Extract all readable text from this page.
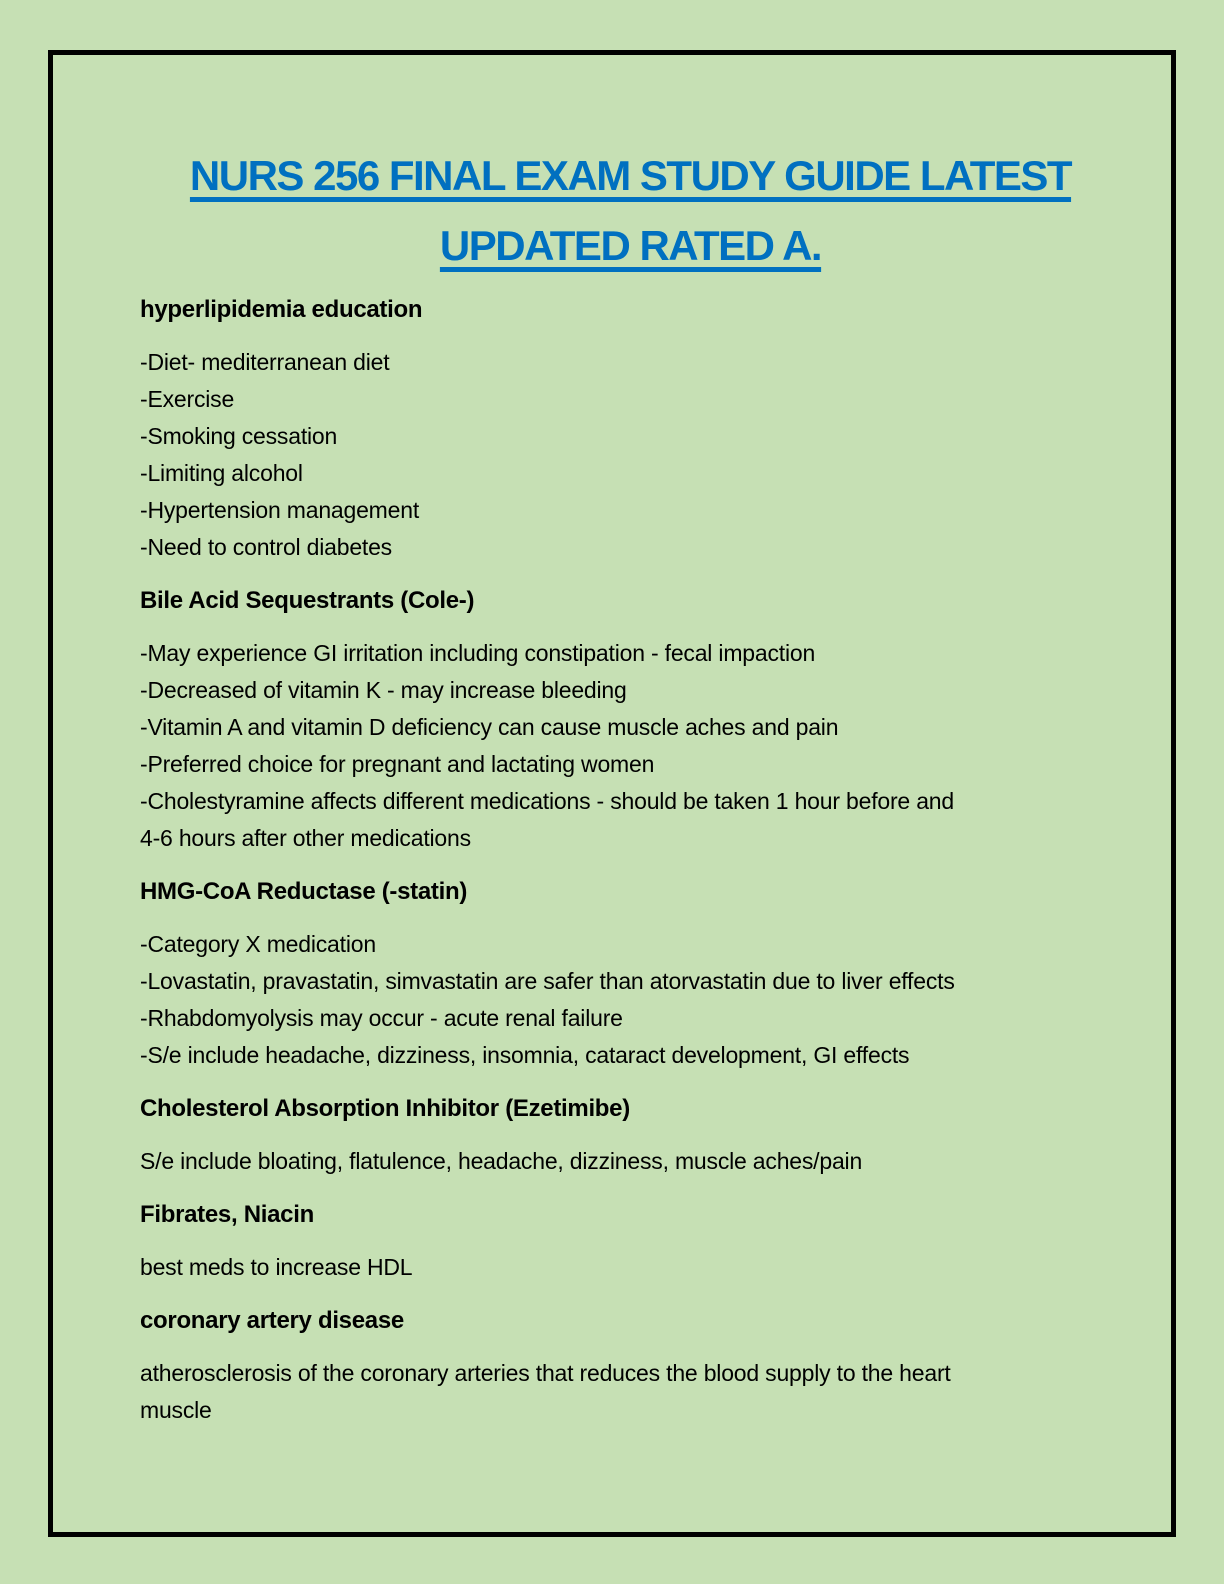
NURS 256 FINAL EXAM STUDY GUIDE LATEST
UPDATED RATED A.
hyperlipidemia education
-Diet- mediterranean diet
-Exercise
-Smoking cessation
-Limiting alcohol
-Hypertension management
-Need to control diabetes
Bile Acid Sequestrants (Cole-)
-May experience GI irritation including constipation - fecal impaction
-Decreased of vitamin K - may increase bleeding
-Vitamin A and vitamin D deficiency can cause muscle aches and pain
-Preferred choice for pregnant and lactating women
-Cholestyramine affects different medications - should be taken 1 hour before and
4-6 hours after other medications
HMG-CoA Reductase (-statin)
-Category X medication
-Lovastatin, pravastatin, simvastatin are safer than atorvastatin due to liver effects
-Rhabdomyolysis may occur - acute renal failure
-S/e include headache, dizziness, insomnia, cataract development, GI effects
Cholesterol Absorption Inhibitor (Ezetimibe)
S/e include bloating, flatulence, headache, dizziness, muscle aches/pain
Fibrates, Niacin
best meds to increase HDL
coronary artery disease
atherosclerosis of the coronary arteries that reduces the blood supply to the heart
muscle
